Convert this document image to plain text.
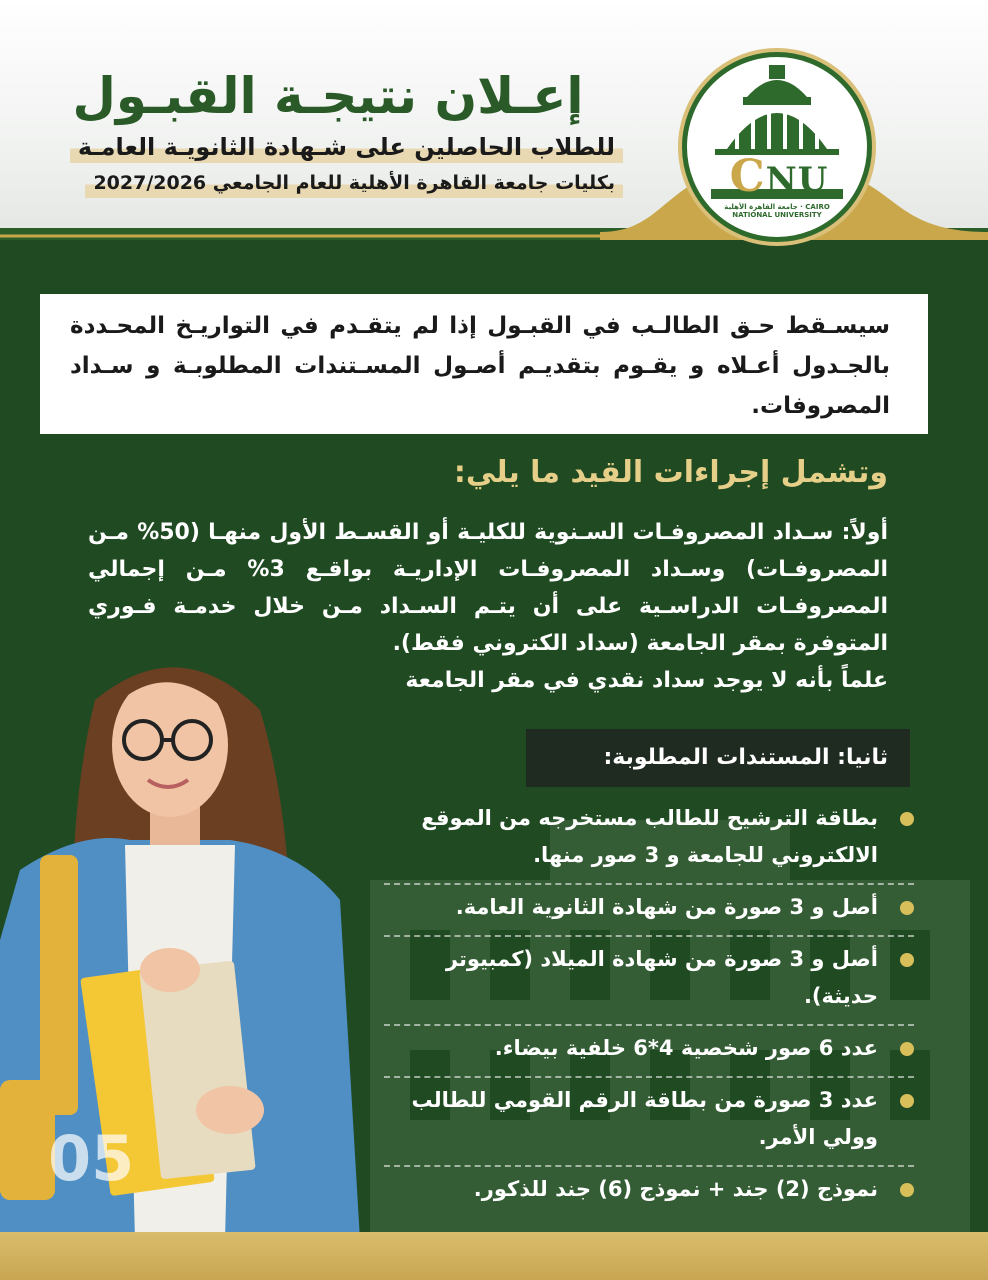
إعـلان نتيجـة القبـول
للطلاب الحاصلين على شـهادة الثانويـة العامـة
بكليات جامعة القاهرة الأهلية للعام الجامعي 2027/2026	CNU
جامعة القاهرة الأهلية · CAIRO NATIONAL UNIVERSITY
سيسـقط حـق الطالـب في القبـول إذا لم يتقـدم في التواريـخ المحـددة بالجـدول أعـلاه و يقـوم بتقديـم أصـول المسـتندات المطلوبـة و سـداد المصروفات.
وتشمل إجراءات القيد ما يلي:
أولاً: سـداد المصروفـات السـنوية للكليـة أو القسـط الأول منهـا (50% مـن المصروفـات) وسـداد المصروفـات الإداريـة بواقـع 3% مـن إجمالي المصروفـات الدراسـية على أن يتـم السـداد مـن خلال خدمـة فـوري المتوفرة بمقر الجامعة (سداد الكتروني فقط).
علماً بأنه لا يوجد سداد نقدي في مقر الجامعة
ثانيا: المستندات المطلوبة:
بطاقة الترشيح للطالب مستخرجه من الموقع الالكتروني للجامعة و 3 صور منها.
أصل و 3 صورة من شهادة الثانوية العامة.
أصل و 3 صورة من شهادة الميلاد (كمبيوتر حديثة).
عدد 6 صور شخصية 4*6 خلفية بيضاء.
عدد 3 صورة من بطاقة الرقم القومي للطالب وولي الأمر.
نموذج (2) جند + نموذج (6) جند للذكور.
05
